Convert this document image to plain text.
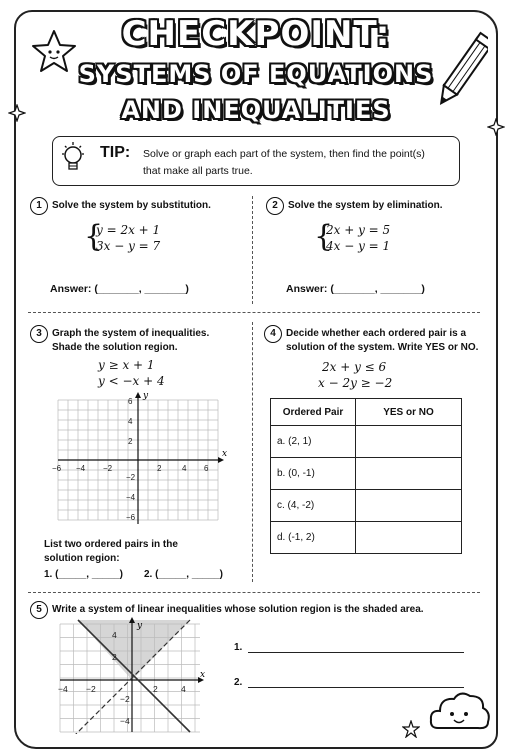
CHECKPOINT:
SYSTEMS OF EQUATIONS
AND INEQUALITIES
TIP: Solve or graph each part of the system, then find the point(s) that make all parts true.
1	Solve the system by substitution.
{
y = 2x + 1
3x − y = 7
Answer: (_______, _______)
2	Solve the system by elimination.
{
2x + y = 5
4x − y = 1
Answer: (_______, _______)
3	Graph the system of inequalities.
Shade the solution region.
y ≥ x + 1
y < −x + 4
x
y
6
4
2
−2
−4
−6
−6 −4 −2	2	4 6
List two ordered pairs in the
solution region:
1. (_____, _____) 2. (_____, _____)
4	Decide whether each ordered pair is a
solution of the system. Write YES or NO.
2x + y ≤ 6
x − 2y ≥ −2
Ordered Pair	YES or NO
a. (2, 1)	
b. (0, -1)	
c. (4, -2)	
d. (-1, 2)	
5	Write a system of linear inequalities whose solution region is the shaded area.
x
y
4
2
−2
−4
−4 −2	2	4
1.
2.
